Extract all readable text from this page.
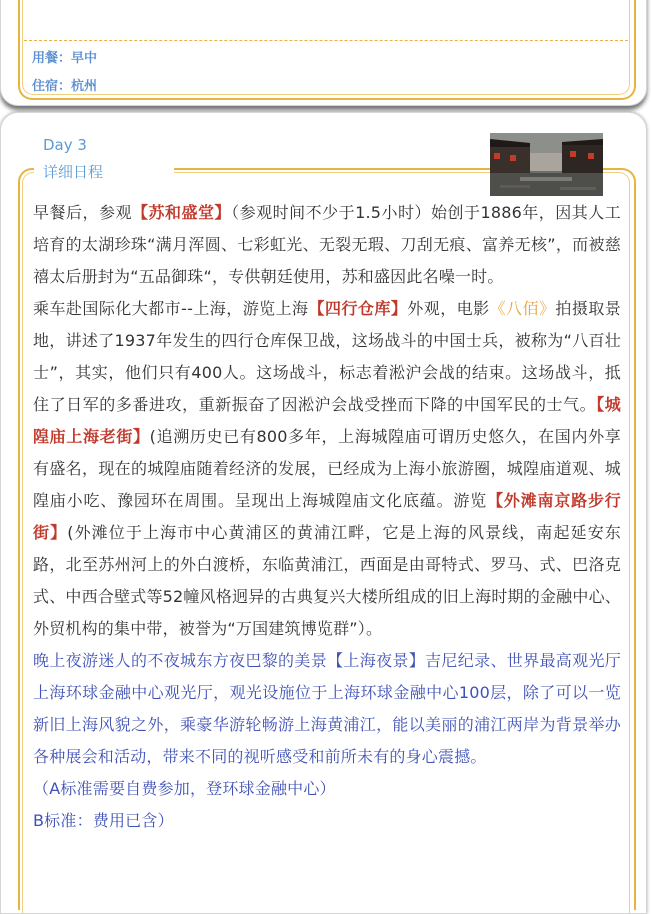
用餐：早中
住宿：杭州
Day 3
详细日程

早餐后，参观【苏和盛堂】（参观时间不少于1.5小时）始创于1886年，因其人工培育的太湖珍珠“满月浑圆、七彩虹光、无裂无瑕、刀刮无痕、富养无核”，而被慈禧太后册封为“五品御珠“，专供朝廷使用，苏和盛因此名噪一时。

乘车赴国际化大都市--上海，游览上海【四行仓库】外观，电影《八佰》拍摄取景地，讲述了1937年发生的四行仓库保卫战，这场战斗的中国士兵，被称为“八百壮士”，其实，他们只有400人。这场战斗，标志着淞沪会战的结束。这场战斗，抵住了日军的多番进攻，重新振奋了因淞沪会战受挫而下降的中国军民的士气。【城隍庙上海老街】(追溯历史已有800多年，上海城隍庙可谓历史悠久，在国内外享有盛名，现在的城隍庙随着经济的发展，已经成为上海小旅游圈，城隍庙道观、城隍庙小吃、豫园环在周围。呈现出上海城隍庙文化底蕴。游览【外滩南京路步行街】(外滩位于上海市中心黄浦区的黄浦江畔，它是上海的风景线，南起延安东路，北至苏州河上的外白渡桥，东临黄浦江，西面是由哥特式、罗马、式、巴洛克式、中西合壁式等52幢风格迥异的古典复兴大楼所组成的旧上海时期的金融中心、外贸机构的集中带，被誉为“万国建筑博览群”）。

晚上夜游迷人的不夜城东方夜巴黎的美景【上海夜景】吉尼纪录、世界最高观光厅上海环球金融中心观光厅，观光设施位于上海环球金融中心100层，除了可以一览新旧上海风貌之外，乘豪华游轮畅游上海黄浦江，能以美丽的浦江两岸为背景举办各种展会和活动，带来不同的视听感受和前所未有的身心震撼。

（A标准需要自费参加，登环球金融中心）

B标准：费用已含）
